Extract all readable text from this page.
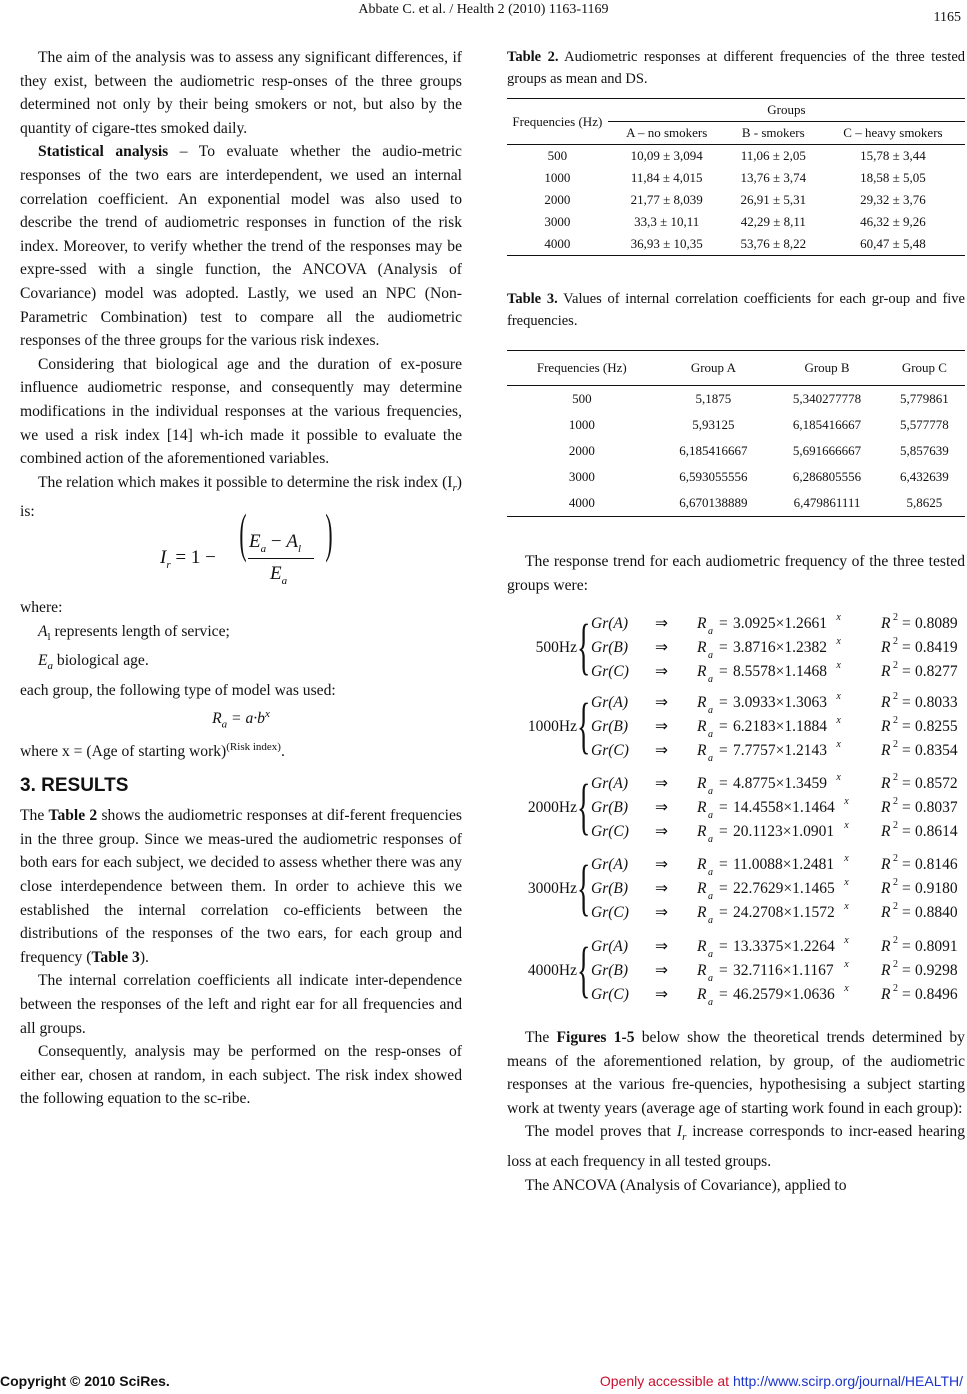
Abbate C. et al. / Health 2 (2010) 1163-1169
1165

The aim of the analysis was to assess any significant differences, if they exist, between the audiometric resp-onses of the three groups determined not only by their being smokers or not, but also by the quantity of cigare-ttes smoked daily.

Statistical analysis – To evaluate whether the audio-metric responses of the two ears are interdependent, we used an internal correlation coefficient. An exponential model was also used to describe the trend of audiometric responses in function of the risk index. Moreover, to verify whether the trend of the responses may be expre-ssed with a single function, the ANCOVA (Analysis of Covariance) model was adopted. Lastly, we used an NPC (Non-Parametric Combination) test to compare all the audiometric responses of the three groups for the various risk indexes.

Considering that biological age and the duration of ex-posure influence audiometric response, and consequently may determine modifications in the individual responses at the various frequencies, we used a risk index [14] wh-ich made it possible to evaluate the combined action of the aforementioned variables.

The relation which makes it possible to determine the risk index $(I_r)$ is:

$I_r = 1$ − ( $E_a - A_l$
$E_a$
)
where:
$A_l$ represents length of service;
$E_a$ biological age.
each group, the following type of model was used:
$R_a = a\cdot b^x$
where x = (Age of starting work)$^{(Risk index)}$.
3. RESULTS

The Table 2 shows the audiometric responses at dif-ferent frequencies in the three group. Since we meas-ured the audiometric responses of both ears for each subject, we decided to assess whether there was any close interdependence between them. In order to achieve this we established the internal correlation co-efficients between the distributions of the responses of the two ears, for each group and frequency (Table 3).

The internal correlation coefficients all indicate inter-dependence between the responses of the left and right ear for all frequencies and all groups.

Consequently, analysis may be performed on the resp-onses of either ear, chosen at random, in each subject. The risk index showed the following equation to the sc-ribe.

Table 2. Audiometric responses at different frequencies of the three tested groups as mean and DS.

Frequencies (Hz)	Groups		
	A – no smokers	B - smokers	C – heavy smokers
500	10,09 ± 3,094	11,06 ± 2,05	15,78 ± 3,44
1000	11,84 ± 4,015	13,76 ± 3,74	18,58 ± 5,05
2000	21,77 ± 8,039	26,91 ± 5,31	29,32 ± 3,76
3000	33,3 ± 10,11	42,29 ± 8,11	46,32 ± 9,26
4000	36,93 ± 10,35	53,76 ± 8,22	60,47 ± 5,48

Table 3. Values of internal correlation coefficients for each gr-oup and five frequencies.

Frequencies (Hz)	Group A	Group B	Group C
500	5,1875	5,340277778	5,779861
1000	5,93125	6,185416667	5,577778
2000	6,185416667	5,691666667	5,857639
3000	6,593055556	6,286805556	6,432639
4000	6,670138889	6,479861111	5,8625

The response trend for each audiometric frequency of the three tested groups were:

500Hz { Gr(A) ⇒ R a = 3.0925×1.2661 x	R 2 = 0.8089
Gr(B) ⇒ R a = 3.8716×1.2382 x	R 2 = 0.8419
Gr(C) ⇒ R a = 8.5578×1.1468 x	R 2 = 0.8277
1000Hz { Gr(A) ⇒ R a = 3.0933×1.3063 x	R 2 = 0.8033
Gr(B) ⇒ R a = 6.2183×1.1884 x	R 2 = 0.8255
Gr(C) ⇒ R a = 7.7757×1.2143 x	R 2 = 0.8354
2000Hz { Gr(A) ⇒ R a = 4.8775×1.3459 x	R 2 = 0.8572
Gr(B) ⇒ R a = 14.4558×1.1464 x R 2 = 0.8037
Gr(C) ⇒ R a = 20.1123×1.0901 x R 2 = 0.8614
3000Hz { Gr(A) ⇒ R a = 11.0088×1.2481 x R 2 = 0.8146
Gr(B) ⇒ R a = 22.7629×1.1465 x R 2 = 0.9180
Gr(C) ⇒ R a = 24.2708×1.1572 x R 2 = 0.8840
4000Hz { Gr(A) ⇒ R a = 13.3375×1.2264 x R 2 = 0.8091
Gr(B) ⇒ R a = 32.7116×1.1167 x R 2 = 0.9298
Gr(C) ⇒ R a = 46.2579×1.0636 x R 2 = 0.8496

The Figures 1-5 below show the theoretical trends determined by means of the aforementioned relation, by group, of the audiometric responses at the various fre-quencies, hypothesising a subject starting work at twenty years (average age of starting work found in each group):

The model proves that $I_r$ increase corresponds to incr-eased hearing loss at each frequency in all tested groups.

The ANCOVA (Analysis of Covariance), applied to

Copyright © 2010 SciRes.	Openly accessible at http://www.scirp.org/journal/HEALTH/
